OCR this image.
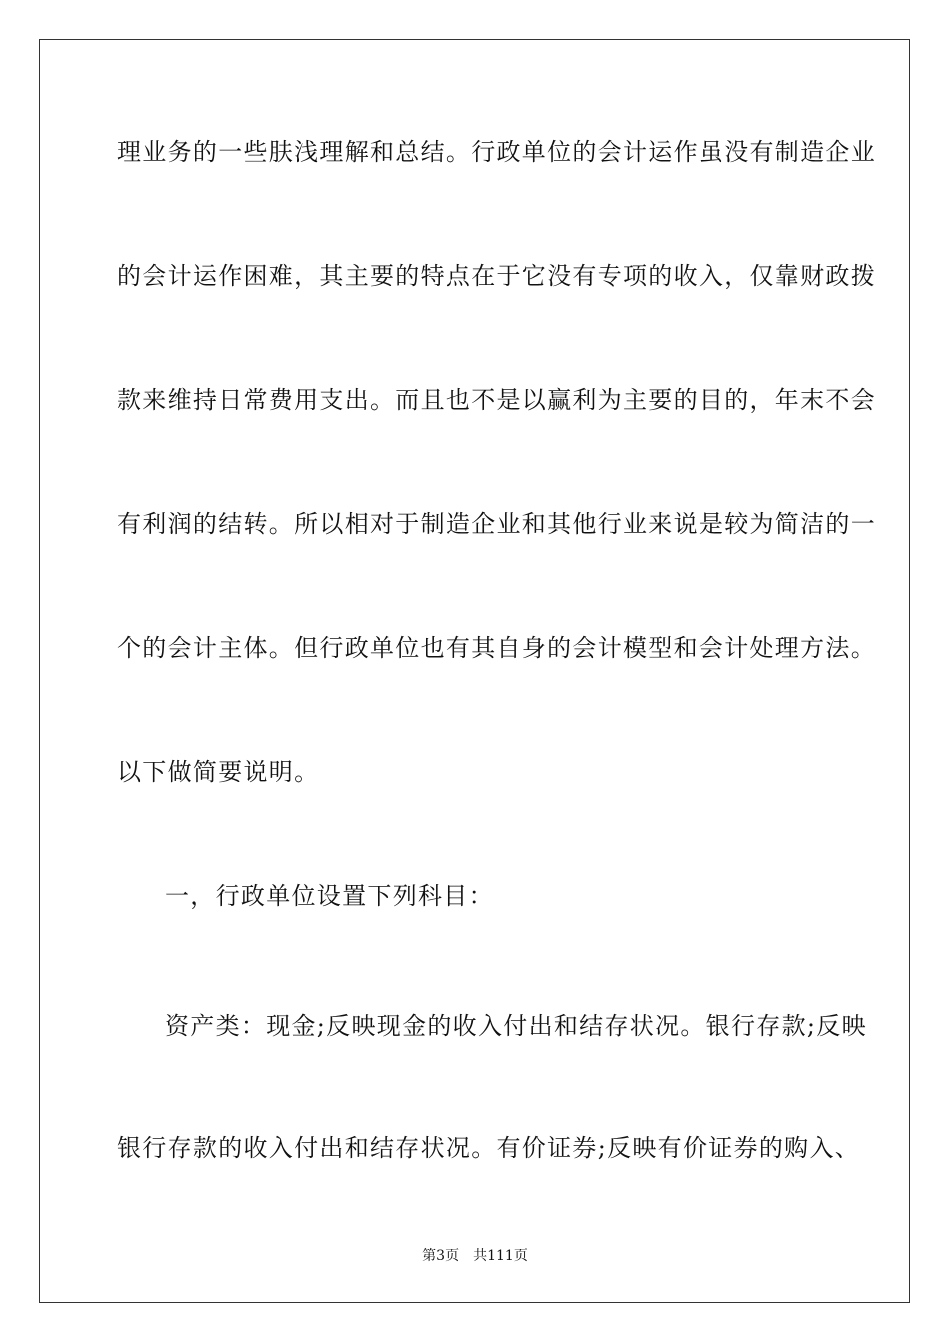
理业务的一些肤浅理解和总结。行政单位的会计运作虽没有制造企业
的会计运作困难，其主要的特点在于它没有专项的收入，仅靠财政拨
款来维持日常费用支出。而且也不是以赢利为主要的目的，年末不会
有利润的结转。所以相对于制造企业和其他行业来说是较为简洁的一
个的会计主体。但行政单位也有其自身的会计模型和会计处理方法。
以下做简要说明。
一，行政单位设置下列科目：
资产类：现金;反映现金的收入付出和结存状况。银行存款;反映
银行存款的收入付出和结存状况。有价证券;反映有价证券的购入、
第3页 共111页
